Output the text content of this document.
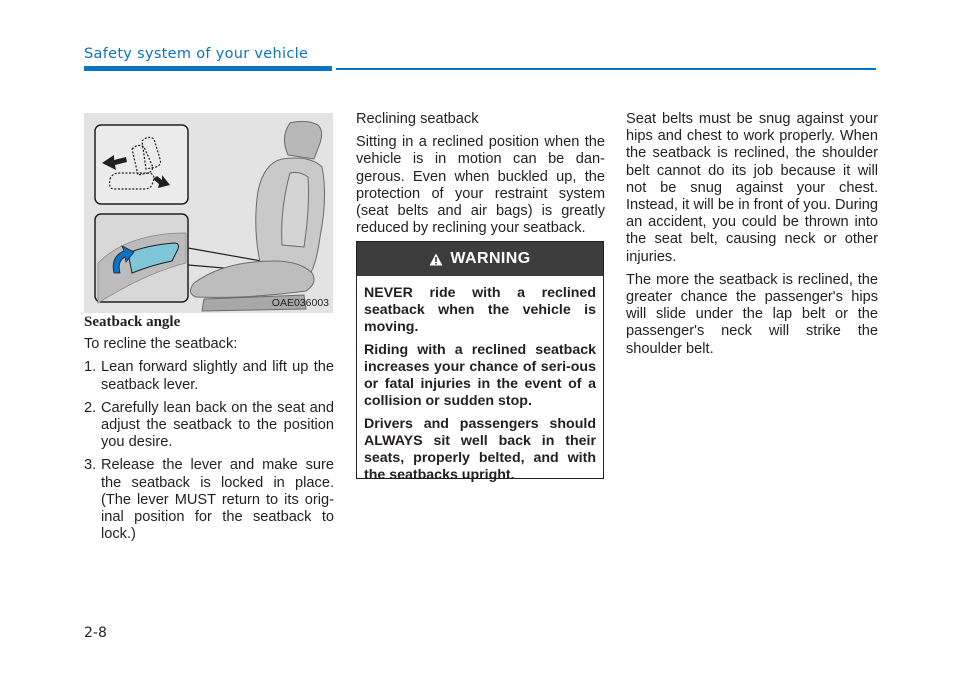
Safety system of your vehicle
OAE036003
Seatback angle

To recline the seatback:

1. Lean forward slightly and lift up the seatback lever.
2. Carefully lean back on the seat and adjust the seatback to the position you desire.
3. Release the lever and make sure the seatback is locked in place. (The lever MUST return to its orig-inal position for the seatback to lock.)

Reclining seatback

Sitting in a reclined position when the vehicle is in motion can be dan-gerous. Even when buckled up, the protection of your restraint system (seat belts and air bags) is greatly reduced by reclining your seatback.

WARNING

NEVER ride with a reclined seatback when the vehicle is moving.

Riding with a reclined seatback increases your chance of seri-ous or fatal injuries in the event of a collision or sudden stop.

Drivers and passengers should ALWAYS sit well back in their seats, properly belted, and with the seatbacks upright.

Seat belts must be snug against your hips and chest to work properly. When the seatback is reclined, the shoulder belt cannot do its job because it will not be snug against your chest. Instead, it will be in front of you. During an accident, you could be thrown into the seat belt, causing neck or other injuries.

The more the seatback is reclined, the greater chance the passenger's hips will slide under the lap belt or the passenger's neck will strike the shoulder belt.

2-8
